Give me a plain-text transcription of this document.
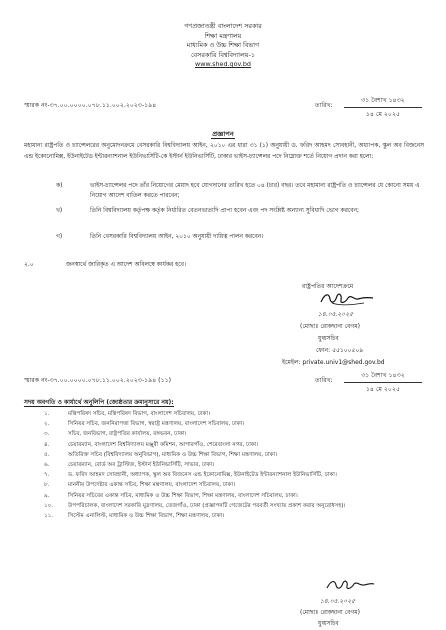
গণপ্রজাতন্ত্রী বাংলাদেশ সরকার
শিক্ষা মন্ত্রণালয়
মাধ্যমিক ও উচ্চ শিক্ষা বিভাগ
বেসরকারি বিশ্ববিদ্যালয়-১
www.shed.gov.bd
স্মারক নং-৩৭.০০.০০০০.০৭৮.১১.০০২.২০২৩-১৯৪	তারিখ:
৩১ বৈশাখ ১৪৩২
১৪ মে ২০২৫
প্রজ্ঞাপন
মহামান্য রাষ্ট্রপতি ও চ্যান্সেলরের অনুমোদনক্রমে বেসরকারি বিশ্ববিদ্যালয় আইন, ২০১০ এর ধারা ৩১ (১) অনুযায়ী ড. ফরিদ আহমদ সোবহানী, অধ্যাপক, স্কুল অব বিজনেস এন্ড ইকোনোমিক্স, ইউনাইটেড ইন্টারন্যাশনাল ইউনিভার্সিটি-কে ইস্টার্ন ইউনিভার্সিটি, ঢাকার ভাইস-চ্যান্সেলর পদে নিম্নোক্ত শর্তে নিয়োগ প্রদান করা হলো:
ক)	ভাইস-চ্যান্সেলর পদে তাঁর নিয়োগের মেয়াদ হবে যোগদানের তারিখ হতে ০৪ (চার) বছর। তবে মহামান্য রাষ্ট্রপতি ও চ্যান্সেলর যে কোনো সময় এ নিয়োগ আদেশ বাতিল করতে পারবেন;
খ)	তিনি বিশ্ববিদ্যালয় কর্তৃপক্ষ কর্তৃক নির্ধারিত বেতনভাতাদি প্রাপ্য হবেন এবং পদ সংশ্লিষ্ট অন্যান্য সুবিধাদি ভোগ করবেন;
গ)	তিনি বেসরকারি বিশ্ববিদ্যালয় আইন, ২০১০ অনুযায়ী দায়িত্ব পালন করবেন।
২.০	জনস্বার্থে জারিকৃত এ আদেশ অবিলম্বে কার্যকর হবে।
রাষ্ট্রপতির আদেশক্রমে
১৪.০৫.২০২৫
(মোছাঃ রোকছানা বেগম)
যুগ্মসচিব
ফোন: ৫৫১০০৫০৯
ইমেইল: private.univ1@shed.gov.bd
স্মারক নং-৩৭.০০.০০০০.০৭৮.১১.০০২.২০২৩-১৯৪ (১১)	তারিখ:
৩১ বৈশাখ ১৪৩২
১৪ মে ২০২৫
সদয় অবগতি ও কার্যার্থে অনুলিপি (জ্যেষ্ঠতার ক্রমানুসারে নয়):
১.	মন্ত্রিপরিষদ সচিব, মন্ত্রিপরিষদ বিভাগ, বাংলাদেশ সচিবালয়, ঢাকা।
২.	সিনিয়র সচিব, জননিরাপত্তা বিভাগ, স্বরাষ্ট্র মন্ত্রণালয়, বাংলাদেশ সচিবালয়, ঢাকা।
৩.	সচিব, জনবিভাগ, রাষ্ট্রপতির কার্যালয়, বঙ্গভবন, ঢাকা।
৪.	চেয়ারম্যান, বাংলাদেশ বিশ্ববিদ্যালয় মঞ্জুরী কমিশন, আগারগাঁও, শেরেবাংলা নগর, ঢাকা।
৫.	অতিরিক্ত সচিব (বিশ্ববিদ্যালয় অনুবিভাগ), মাধ্যমিক ও উচ্চ শিক্ষা বিভাগ, শিক্ষা মন্ত্রণালয়, ঢাকা।
৬.	চেয়ারম্যান, বোর্ড অব ট্রাস্টিজ, ইস্টার্ন ইউনিভার্সিটি, সাভার, ঢাকা।
৭.	ড. ফরিদ আহমদ সোবহানী, অধ্যাপক, স্কুল অব বিজনেস এন্ড ইকোনোমিক্স, ইউনাইটেড ইন্টারন্যাশনাল ইউনিভার্সিটি, ঢাকা।
৮.	মাননীয় উপদেষ্টার একান্ত সচিব, শিক্ষা মন্ত্রণালয়, বাংলাদেশ সচিবালয়, ঢাকা।
৯.	সিনিয়র সচিবের একান্ত সচিব, মাধ্যমিক ও উচ্চ শিক্ষা বিভাগ, শিক্ষা মন্ত্রণালয়, বাংলাদেশ সচিবালয়, ঢাকা।
১০.	উপপরিচালক, বাংলাদেশ সরকারি মুদ্রণালয়, তেজগাঁও, ঢাকা (প্রজ্ঞাপনটি গেজেটের পরবর্তী সংখ্যায় প্রকাশ করার অনুরোধসহ)।
১১.	সিস্টেম এনালিস্ট, মাধ্যমিক ও উচ্চ শিক্ষা বিভাগ, শিক্ষা মন্ত্রণালয়, ঢাকা।
১৪.০৫.২০২৫
(মোছাঃ রোকছানা বেগম)
যুগ্মসচিব
